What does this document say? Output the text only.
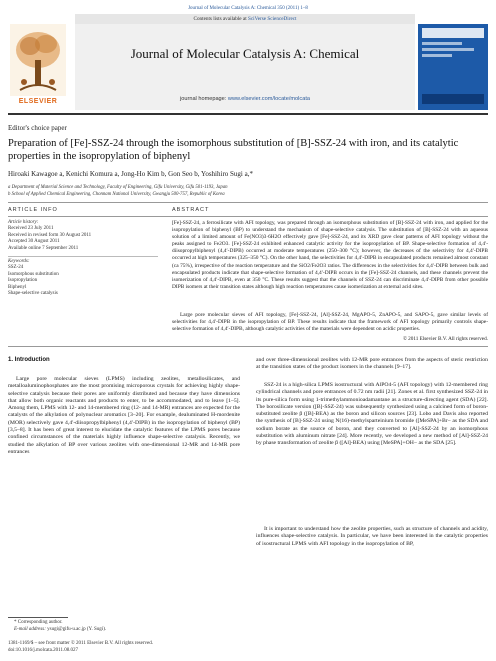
Journal of Molecular Catalysis A: Chemical 350 (2011) 1–8
Contents lists available at SciVerse ScienceDirect
ELSEVIER
Journal of Molecular Catalysis A: Chemical
journal homepage: www.elsevier.com/locate/molcata
Editor's choice paper
Preparation of [Fe]-SSZ-24 through the isomorphous substitution of [B]-SSZ-24 with iron, and its catalytic properties in the isopropylation of biphenyl
Hiroaki Kawagoe a, Kenichi Komura a, Jong-Ho Kim b, Gon Seo b, Yoshihiro Sugi a,*
a Department of Material Science and Technology, Faculty of Engineering, Gifu University, Gifu 501-1193, Japan
b School of Applied Chemical Engineering, Chonnam National University, Gwangju 500-757, Republic of Korea
ARTICLE INFO	ABSTRACT
Article history:
Received 23 July 2011
Received in revised form 30 August 2011
Accepted 30 August 2011
Available online 7 September 2011
Keywords:
SSZ-24
Isomorphous substitution
Isopropylation
Biphenyl
Shape-selective catalysis
[Fe]-SSZ-24, a ferrosilicate with AFI topology, was prepared through an isomorphous substitution of [B]-SSZ-24 with iron, and applied for the isopropylation of biphenyl (BP) to understand the mechanism of shape-selective catalysis. The substitution of [B]-SSZ-24 with an aqueous solution of a limited amount of Fe(NO3)3·6H2O effectively gave [Fe]-SSZ-24, and its XRD gave clear patterns of AFI topology without the peaks assigned to Fe2O3. [Fe]-SSZ-24 exhibited enhanced catalytic activity for the isopropylation of BP. Shape-selective formation of 4,4′-diisopropylbiphenyl (4,4′-DIPB) occurred at moderate temperatures (250–300 °C); however, the decreases of the selectivity for 4,4′-DIPB occurred at high temperatures (325–350 °C). On the other hand, the selectivities for 4,4′-DIPB in encapsulated products remained almost constant (ca 75%), irrespective of the reaction temperature and the SiO2/Fe2O3 ratios. The differences in the selectivities for 4,4′-DIPB between bulk and encapsulated products indicate that shape-selective formation of 4,4′-DIPB occurs in the [Fe]-SSZ-24 channels, and these channels prevent the isomerization of 4,4′-DIPB, even at 350 °C. These results suggest that the channels of SSZ-24 can discriminate 4,4′-DIPB from other possible DIPB isomers at their transition states although high reaction temperatures cause isomerization at external acid sites.
Large pore molecular sieves of AFI topology, [Fe]-SSZ-24, [Al]-SSZ-24, MgAPO-5, ZnAPO-5, and SAPO-5, gave similar levels of selectivities for 4,4′-DIPB in the isopropylation of BP. These results indicate that the framework of AFI topology primarily controls shape-selective formation of 4,4′-DIPB, although catalytic activities of the materials were dependent on acidic properties.
© 2011 Elsevier B.V. All rights reserved.
1. Introduction
Large pore molecular sieves (LPMS) including zeolites, metallosilicates, and metalloaluminophosphates are the most promising microporous crystals for achieving highly shape-selective catalysis because their pores are uniformly distributed and because they have dimensions that allow both organic reactants and products to enter, to be accommodated, and to leave [1–5]. Among them, LPMS with 12- and 14-membered ring (12- and 14-MR) entrances are expected for the catalysts of the alkylation of polynuclear aromatics [3–20]. For example, dealuminated H-mordenite (MOR) selectively gave 4,4′-diisopropylbiphenyl (4,4′-DIPB) in the isopropylation of biphenyl (BP) [3,5–8]. It has been of great interest to elucidate the catalytic features of the LPMS pores because confined circumstances of the materials highly influence shape-selective catalysis. Recently, we studied the alkylation of BP over various zeolites with one-dimensional 12-MR and 14-MR pore entrances
and over three-dimensional zeolites with 12-MR pore entrances from the aspects of steric restriction at the transition states of the product isomers in the channels [9–17].
SSZ-24 is a high-silica LPMS isostructural with AlPO4-5 (AFI topology) with 12-membered ring cylindrical channels and pore entrances of 0.72 nm radii [21]. Zones et al. first synthesized SSZ-24 in its pure-silica form using 1-trimethylammonioadamantane as a structure-directing agent (SDA) [22]. The borosilicate version ([B]-SSZ-24) was subsequently synthesized using a calcined form of boron-substituted zeolite β ([B]-BEA) as the boron and silicon sources [23]. Lobo and Davis also reported the synthesis of [B]-SSZ-24 using N(16)-methylsparteinium bromide ([MeSPA]+Br− as the SDA and sodium borate as the source of boron, and they converted to [Al]-SSZ-24 by an isomorphous substitution with aluminum nitrate [24]. More recently, we developed a new method of [Al]-SSZ-24 by phase transformation of zeolite β ([Al]-BEA) using [MeSPA]+OH− as the SDA [25].
It is important to understand how the zeolite properties, such as structure of channels and acidity, influences shape-selective catalysis. In particular, we have been interested in the catalytic properties of isostructural LPMS with AFI topology in the isopropylation of BP,
* Corresponding author.
E-mail address: ysugi@gifu-u.ac.jp (Y. Sugi).
1381-1169/$ – see front matter © 2011 Elsevier B.V. All rights reserved.
doi:10.1016/j.molcata.2011.08.027
